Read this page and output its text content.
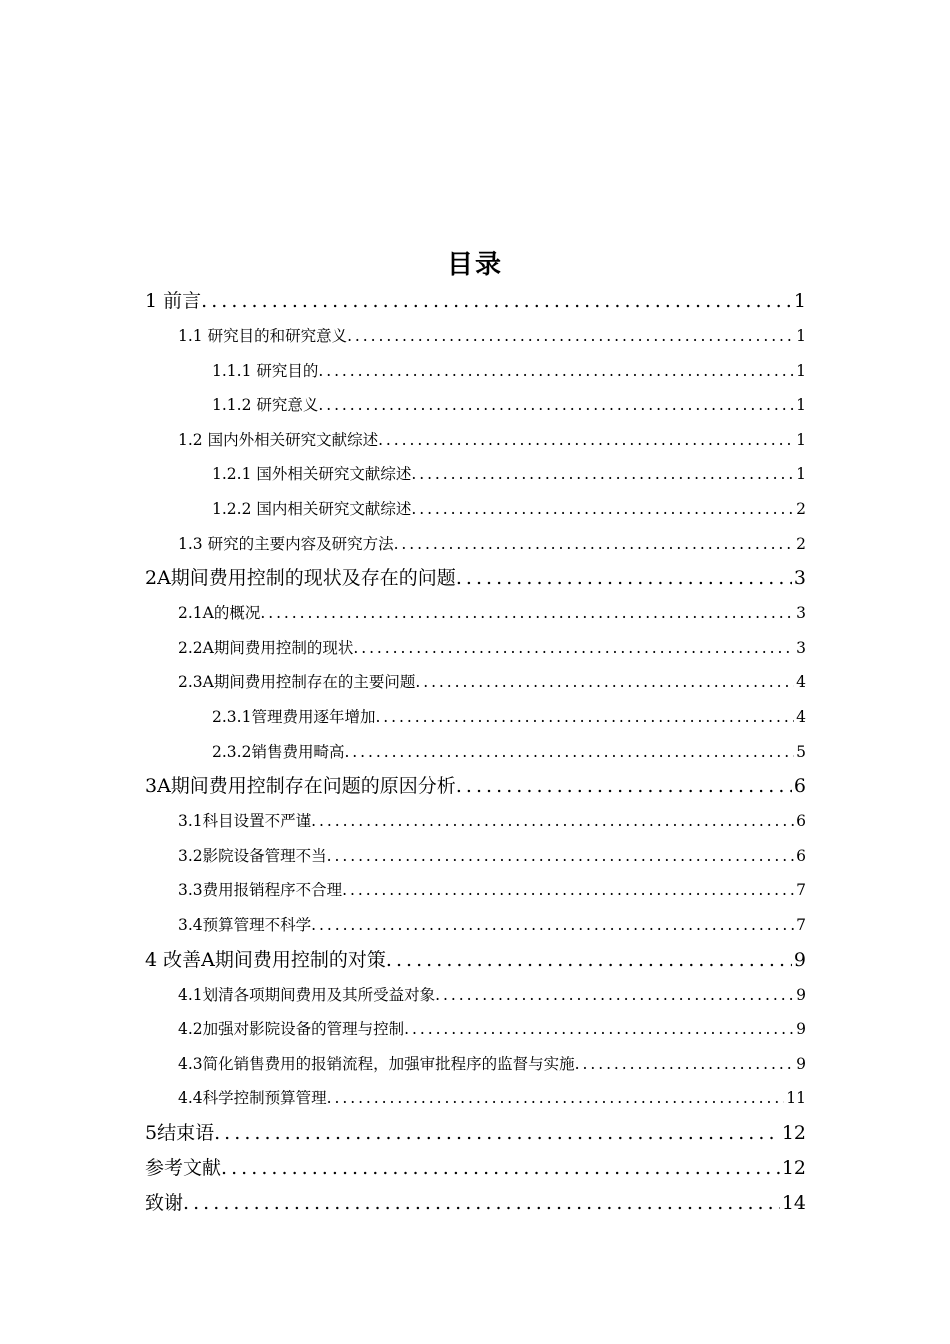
目录
1 前言 . . .	1
1.1 研究目的和研究意义 . . .	1
1.1.1 研究目的 . . .	1
1.1.2 研究意义 . . .	1
1.2 国内外相关研究文献综述 . . .	1
1.2.1 国外相关研究文献综述 . . .	1
1.2.2 国内相关研究文献综述 . . .	2
1.3 研究的主要内容及研究方法 . . .	2
2A期间费用控制的现状及存在的问题 . . .	3
2.1A的概况 . . .	3
2.2A期间费用控制的现状 . . .	3
2.3A期间费用控制存在的主要问题 . . .	4
2.3.1管理费用逐年增加 . . .	4
2.3.2销售费用畸高 . . .	5
3A期间费用控制存在问题的原因分析 . . .	6
3.1科目设置不严谨 . . .	6
3.2影院设备管理不当 . . .	6
3.3费用报销程序不合理 . . .	7
3.4预算管理不科学 . . .	7
4 改善A期间费用控制的对策 . . .	9
4.1划清各项期间费用及其所受益对象 . . .	9
4.2加强对影院设备的管理与控制 . . .	9
4.3简化销售费用的报销流程，加强审批程序的监督与实施 . . .	9
4.4科学控制预算管理 . . .	11
5结束语 . . .	12
参考文献 . . .	12
致谢 . . .	14
